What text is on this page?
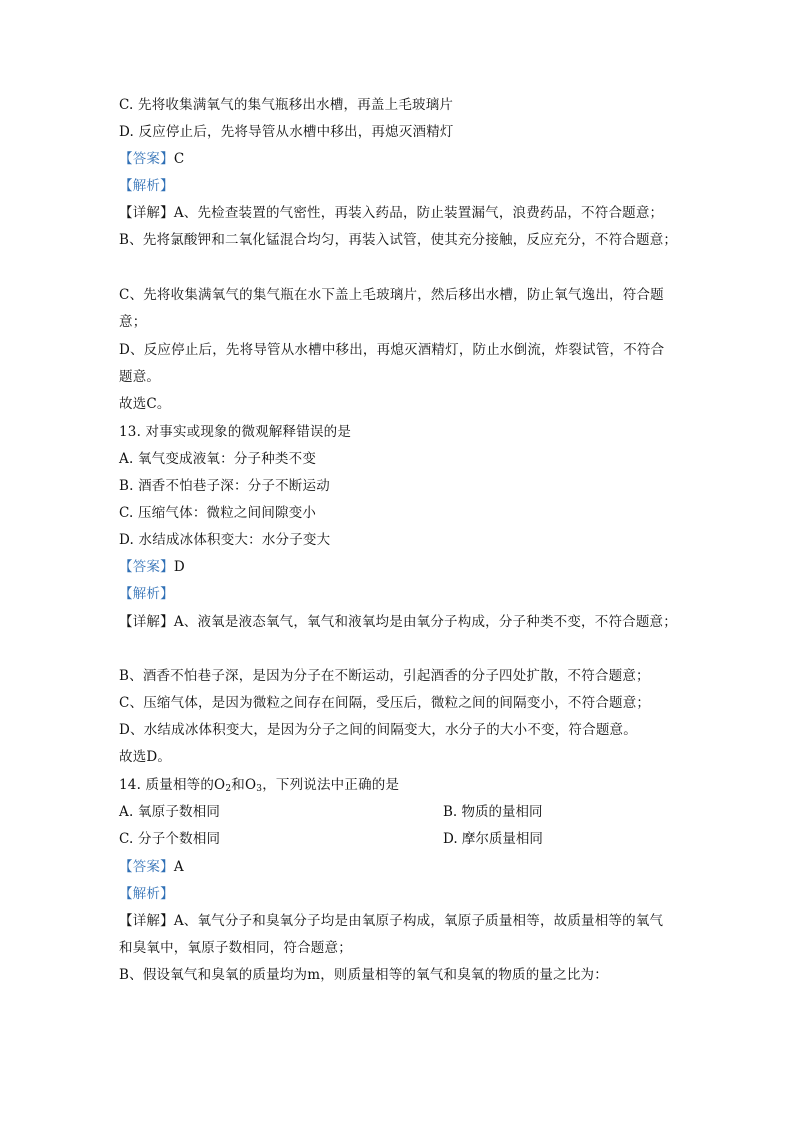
C. 先将收集满氧气的集气瓶移出水槽，再盖上毛玻璃片
D. 反应停止后，先将导管从水槽中移出，再熄灭酒精灯
【答案】C
【解析】
【详解】A、先检查装置的气密性，再装入药品，防止装置漏气，浪费药品，不符合题意；
B、先将氯酸钾和二氧化锰混合均匀，再装入试管，使其充分接触，反应充分，不符合题意；
C、先将收集满氧气的集气瓶在水下盖上毛玻璃片，然后移出水槽，防止氧气逸出，符合题
意；
D、反应停止后，先将导管从水槽中移出，再熄灭酒精灯，防止水倒流，炸裂试管，不符合
题意。
故选C。
13. 对事实或现象的微观解释错误的是
A. 氧气变成液氧：分子种类不变
B. 酒香不怕巷子深：分子不断运动
C. 压缩气体：微粒之间间隙变小
D. 水结成冰体积变大：水分子变大
【答案】D
【解析】
【详解】A、液氧是液态氧气，氧气和液氧均是由氧分子构成，分子种类不变，不符合题意；
B、酒香不怕巷子深，是因为分子在不断运动，引起酒香的分子四处扩散，不符合题意；
C、压缩气体，是因为微粒之间存在间隔，受压后，微粒之间的间隔变小，不符合题意；
D、水结成冰体积变大，是因为分子之间的间隔变大，水分子的大小不变，符合题意。
故选D。
14. 质量相等的$O_2$和$O_3$，下列说法中正确的是
A. 氧原子数相同	B. 物质的量相同
C. 分子个数相同	D. 摩尔质量相同
【答案】A
【解析】
【详解】A、氧气分子和臭氧分子均是由氧原子构成，氧原子质量相等，故质量相等的氧气
和臭氧中，氧原子数相同，符合题意；
B、假设氧气和臭氧的质量均为m，则质量相等的氧气和臭氧的物质的量之比为：
